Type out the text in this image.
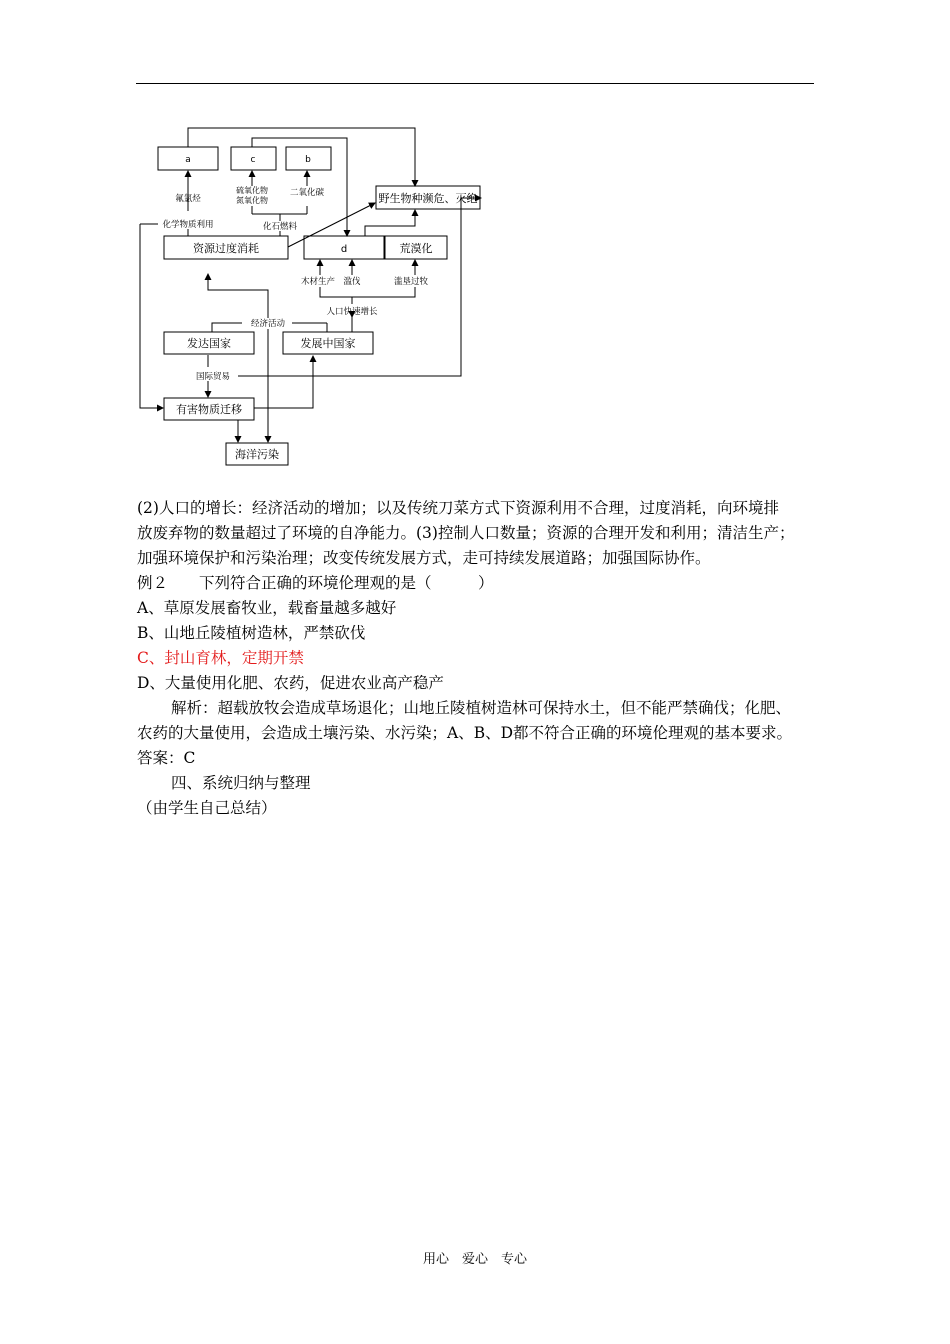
a	c	b
野生物种濒危、灭绝
资源过度消耗	d	荒漠化
发达国家	发展中国家
有害物质迁移
海洋污染
氟氯烃
硫氧化物
氮氧化物
二氧化碳
化石燃料
化学物质利用
木材生产 滥伐	滥垦过牧
人口快速增长
经济活动
国际贸易

(2)人口的增长：经济活动的增加；以及传统刀菜方式下资源利用不合理，过度消耗，向环境排

放废弃物的数量超过了环境的自净能力。(3)控制人口数量；资源的合理开发和利用；清洁生产；

加强环境保护和污染治理；改变传统发展方式，走可持续发展道路；加强国际协作。

例２　　下列符合正确的环境伦理观的是（　　　）

A、草原发展畜牧业，载畜量越多越好

B、山地丘陵植树造林，严禁砍伐

C、封山育林，定期开禁

D、大量使用化肥、农药，促进农业高产稳产

解析：超载放牧会造成草场退化；山地丘陵植树造林可保持水土，但不能严禁确伐；化肥、

农药的大量使用，会造成土壤污染、水污染；A、B、D都不符合正确的环境伦理观的基本要求。

答案：C

四、系统归纳与整理

（由学生自己总结）

用心　爱心　专心
